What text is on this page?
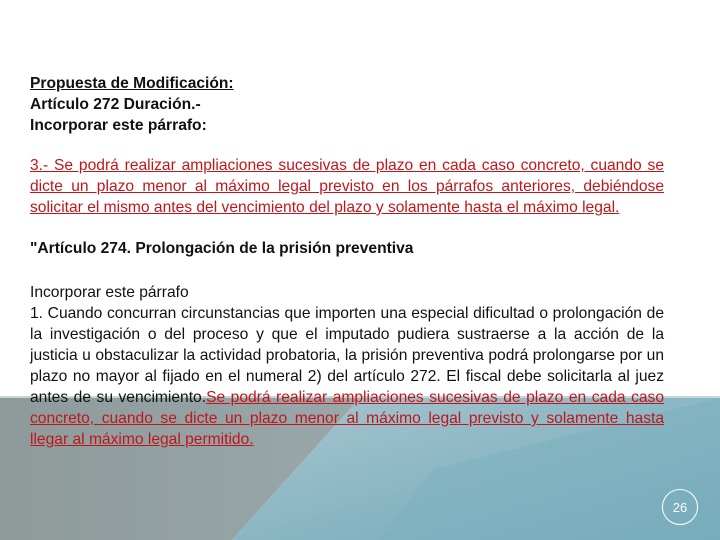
Propuesta de Modificación:
Artículo 272 Duración.-
Incorporar este párrafo:
3.- Se podrá realizar ampliaciones sucesivas de plazo en cada caso concreto, cuando se dicte un plazo menor al máximo legal previsto en los párrafos anteriores, debiéndose solicitar el mismo antes del vencimiento del plazo y solamente hasta el máximo legal.
"Artículo 274. Prolongación de la prisión preventiva
Incorporar este párrafo
1. Cuando concurran circunstancias que importen una especial dificultad o prolongación de la investigación o del proceso y que el imputado pudiera sustraerse a la acción de la justicia u obstaculizar la actividad probatoria, la prisión preventiva podrá prolongarse por un plazo no mayor al fijado en el numeral 2) del artículo 272. El fiscal debe solicitarla al juez antes de su vencimiento.Se podrá realizar ampliaciones sucesivas de plazo en cada caso concreto, cuando se dicte un plazo menor al máximo legal previsto y solamente hasta llegar al máximo legal permitido.
26
